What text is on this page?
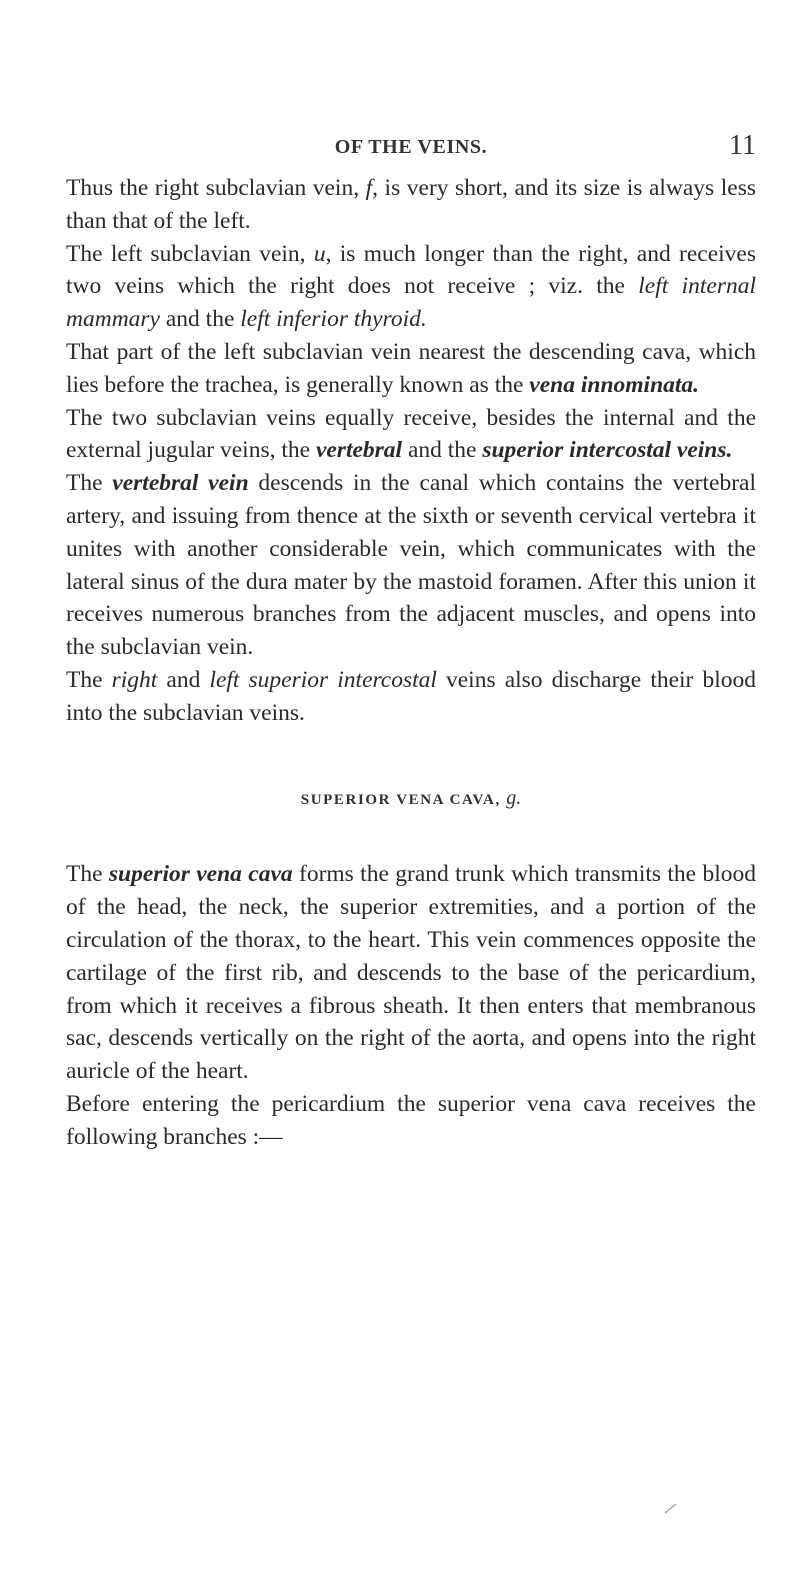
OF THE VEINS.	11

Thus the right subclavian vein, f, is very short, and its size is always less than that of the left.

The left subclavian vein, u, is much longer than the right, and receives two veins which the right does not receive ; viz. the left internal mammary and the left inferior thyroid.

That part of the left subclavian vein nearest the descending cava, which lies before the trachea, is generally known as the vena innominata.

The two subclavian veins equally receive, besides the internal and the external jugular veins, the vertebral and the superior intercostal veins.

The vertebral vein descends in the canal which contains the vertebral artery, and issuing from thence at the sixth or seventh cervical vertebra it unites with another considerable vein, which communicates with the lateral sinus of the dura mater by the mastoid foramen. After this union it receives numerous branches from the adjacent muscles, and opens into the subclavian vein.

The right and left superior intercostal veins also discharge their blood into the subclavian veins.

SUPERIOR VENA CAVA, g.

The superior vena cava forms the grand trunk which transmits the blood of the head, the neck, the superior extremities, and a portion of the circulation of the thorax, to the heart. This vein commences opposite the cartilage of the first rib, and descends to the base of the pericardium, from which it receives a fibrous sheath. It then enters that membranous sac, descends vertically on the right of the aorta, and opens into the right auricle of the heart.

Before entering the pericardium the superior vena cava receives the following branches :—
